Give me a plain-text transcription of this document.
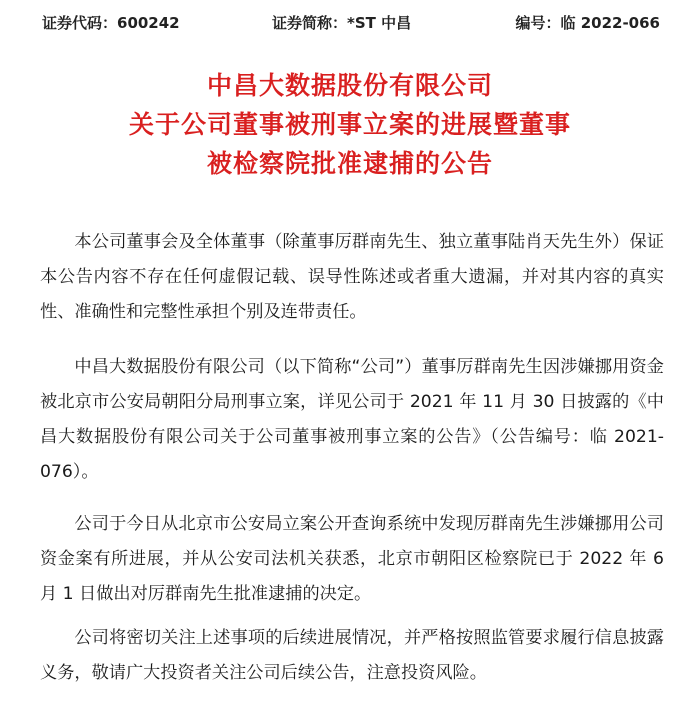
证券代码：600242	证券简称：*ST 中昌	编号：临 2022-066
中昌大数据股份有限公司
关于公司董事被刑事立案的进展暨董事
被检察院批准逮捕的公告

本公司董事会及全体董事（除董事厉群南先生、独立董事陆肖天先生外）保证本公告内容不存在任何虚假记载、误导性陈述或者重大遗漏，并对其内容的真实性、准确性和完整性承担个别及连带责任。

中昌大数据股份有限公司（以下简称“公司”）董事厉群南先生因涉嫌挪用资金被北京市公安局朝阳分局刑事立案，详见公司于 2021 年 11 月 30 日披露的《中昌大数据股份有限公司关于公司董事被刑事立案的公告》（公告编号：临 2021-076）。

公司于今日从北京市公安局立案公开查询系统中发现厉群南先生涉嫌挪用公司资金案有所进展，并从公安司法机关获悉，北京市朝阳区检察院已于 2022 年 6 月 1 日做出对厉群南先生批准逮捕的决定。

公司将密切关注上述事项的后续进展情况，并严格按照监管要求履行信息披露义务，敬请广大投资者关注公司后续公告，注意投资风险。
